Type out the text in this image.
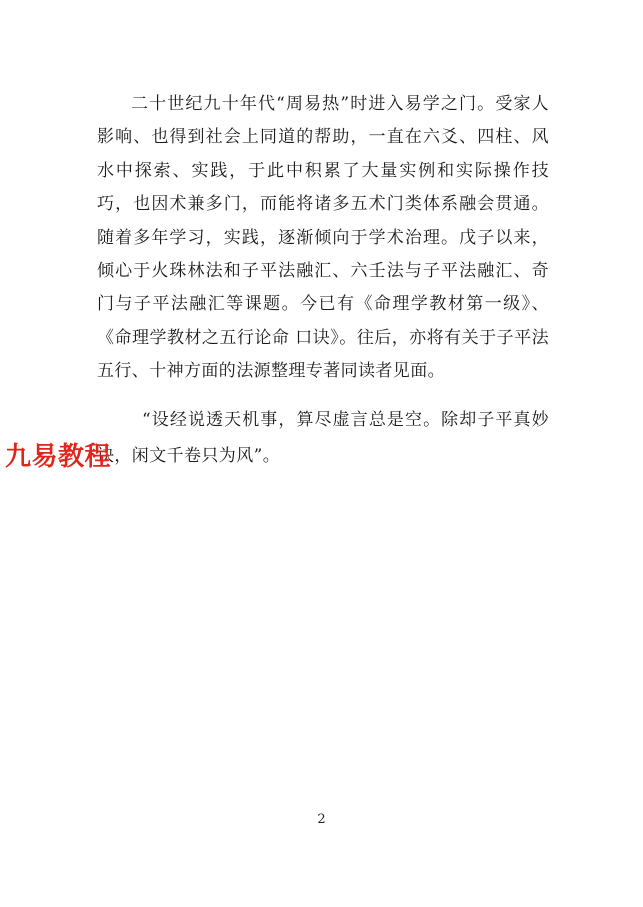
二十世纪九十年代“周易热”时进入易学之门。受家人影响、也得到社会上同道的帮助，一直在六爻、四柱、风水中探索、实践，于此中积累了大量实例和实际操作技巧，也因术兼多门，而能将诸多五术门类体系融会贯通。随着多年学习，实践，逐渐倾向于学术治理。戊子以来，倾心于火珠林法和子平法融汇、六壬法与子平法融汇、奇门与子平法融汇等课题。今已有《命理学教材第一级》、《命理学教材之五行论命 口诀》。往后，亦将有关于子平法五行、十神方面的法源整理专著同读者见面。

“设经说透天机事，算尽虚言总是空。除却子平真妙诀，闲文千卷只为风”。

九易教程
2
